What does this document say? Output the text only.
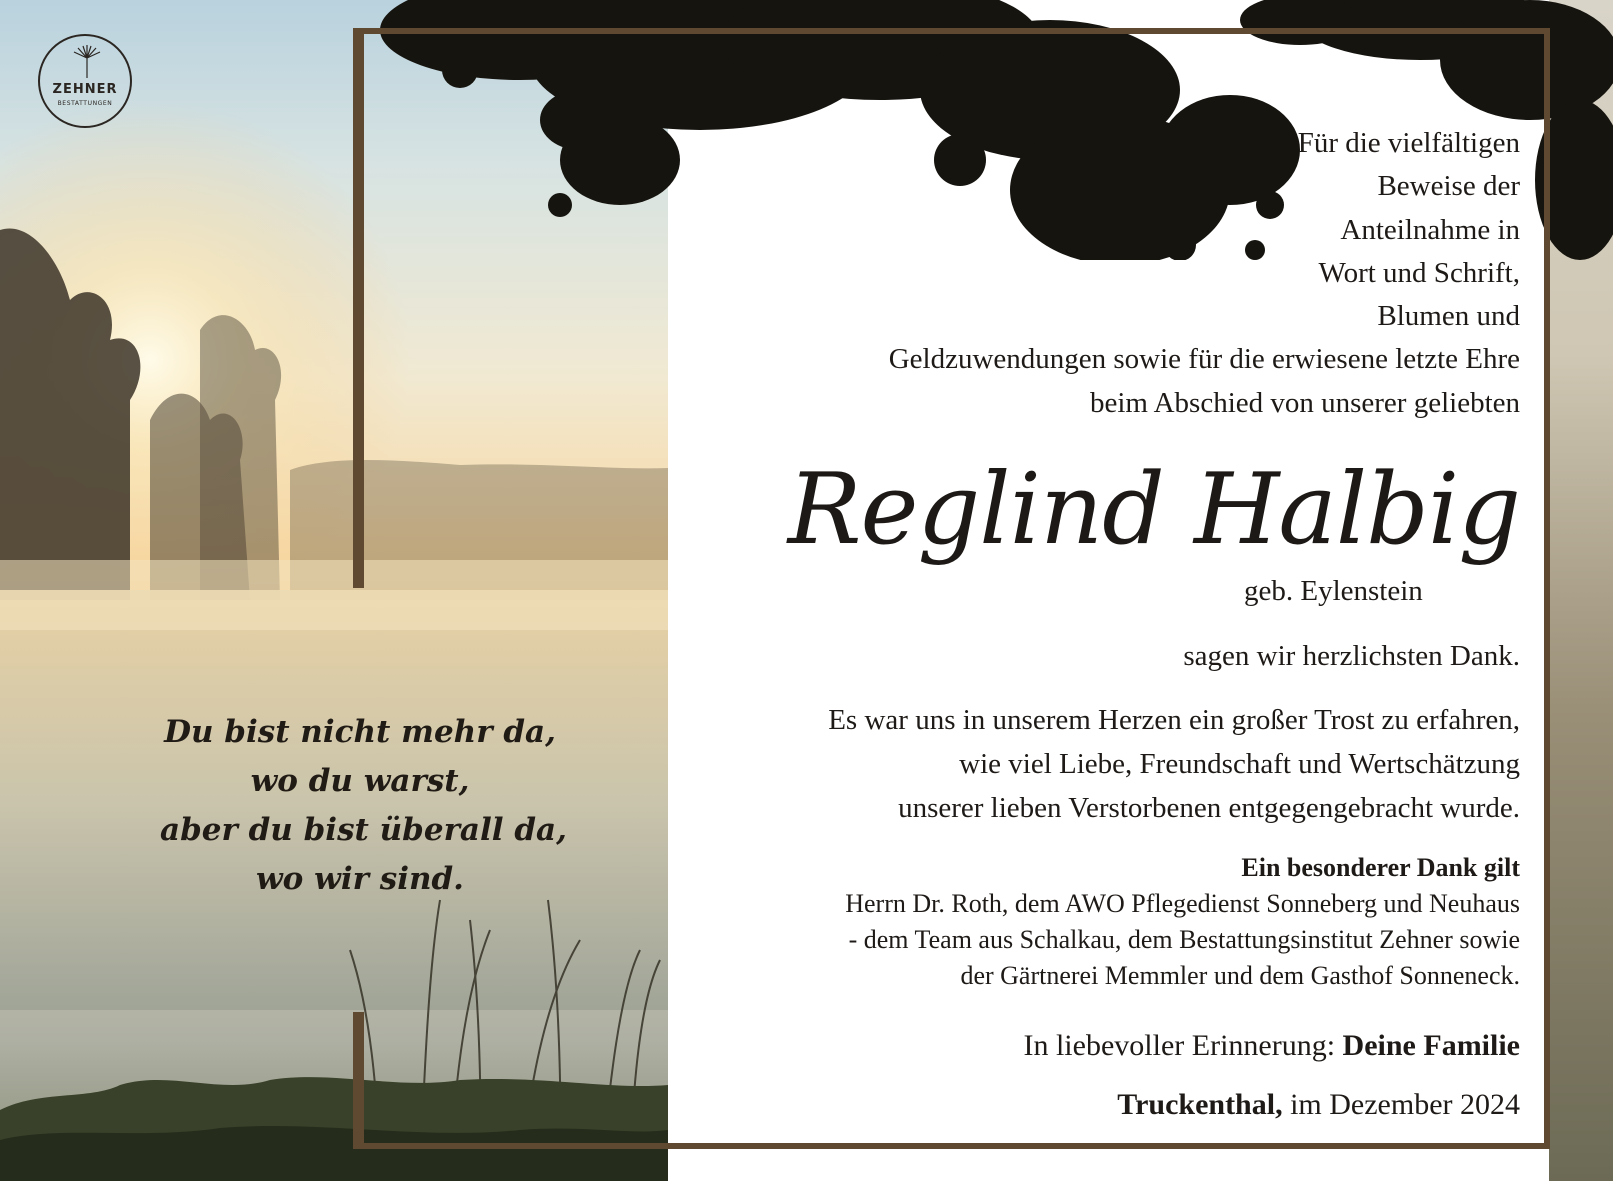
ZEHNER
BESTATTUNGEN
Du bist nicht mehr da,
wo du warst,
aber du bist überall da,
wo wir sind.
Für die vielfältigen
Beweise der
Anteilnahme in
Wort und Schrift,
Blumen und
Geldzuwendungen sowie für die erwiesene letzte Ehre
beim Abschied von unserer geliebten
Reglind Halbig
geb. Eylenstein
sagen wir herzlichsten Dank.
Es war uns in unserem Herzen ein großer Trost zu erfahren,
wie viel Liebe, Freundschaft und Wertschätzung
unserer lieben Verstorbenen entgegengebracht wurde.
Ein besonderer Dank gilt
Herrn Dr. Roth, dem AWO Pflegedienst Sonneberg und Neuhaus
- dem Team aus Schalkau, dem Bestattungsinstitut Zehner sowie
der Gärtnerei Memmler und dem Gasthof Sonneneck.
In liebevoller Erinnerung: Deine Familie
Truckenthal, im Dezember 2024
